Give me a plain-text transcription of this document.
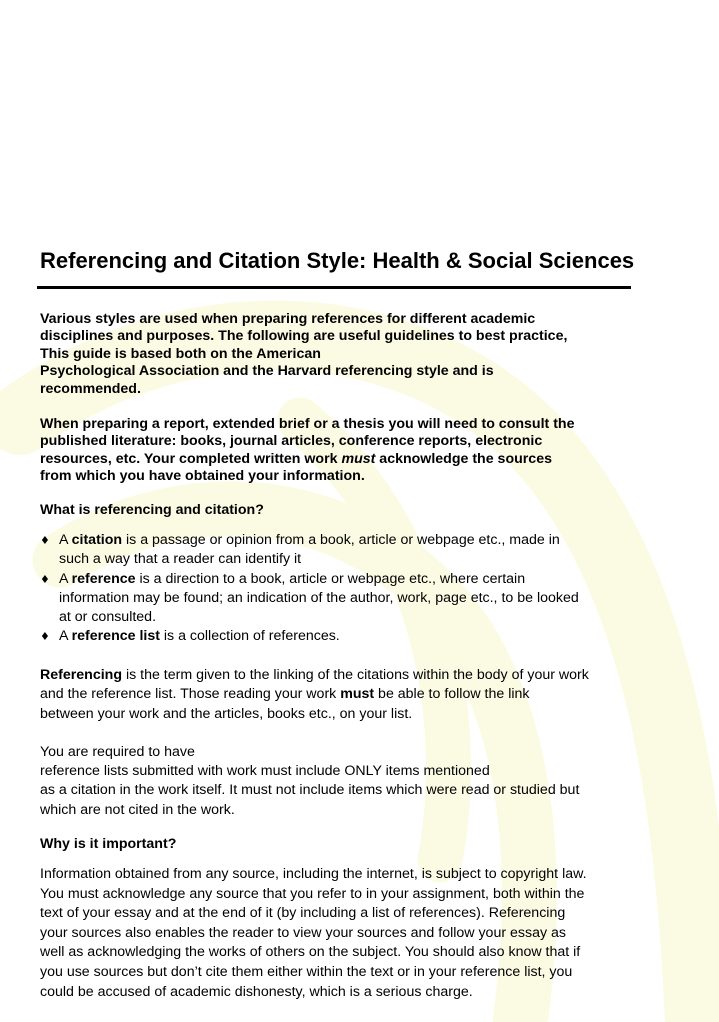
Referencing and Citation Style: Health & Social Sciences

Various styles are used when preparing references for different academic
disciplines and purposes. The following are useful guidelines to best practice,
This guide is based both on the American
Psychological Association and the Harvard referencing style and is
recommended.

When preparing a report, extended brief or a thesis you will need to consult the
published literature: books, journal articles, conference reports, electronic
resources, etc. Your completed written work must acknowledge the sources
from which you have obtained your information.

What is referencing and citation?
♦ A citation is a passage or opinion from a book, article or webpage etc., made in
such a way that a reader can identify it
♦ A reference is a direction to a book, article or webpage etc., where certain
information may be found; an indication of the author, work, page etc., to be looked
at or consulted.
♦ A reference list is a collection of references.

Referencing is the term given to the linking of the citations within the body of your work
and the reference list. Those reading your work must be able to follow the link
between your work and the articles, books etc., on your list.

You are required to have
reference lists submitted with work must include ONLY items mentioned
as a citation in the work itself. It must not include items which were read or studied but
which are not cited in the work.

Why is it important?

Information obtained from any source, including the internet, is subject to copyright law.
You must acknowledge any source that you refer to in your assignment, both within the
text of your essay and at the end of it (by including a list of references). Referencing
your sources also enables the reader to view your sources and follow your essay as
well as acknowledging the works of others on the subject. You should also know that if
you use sources but don’t cite them either within the text or in your reference list, you
could be accused of academic dishonesty, which is a serious charge.
